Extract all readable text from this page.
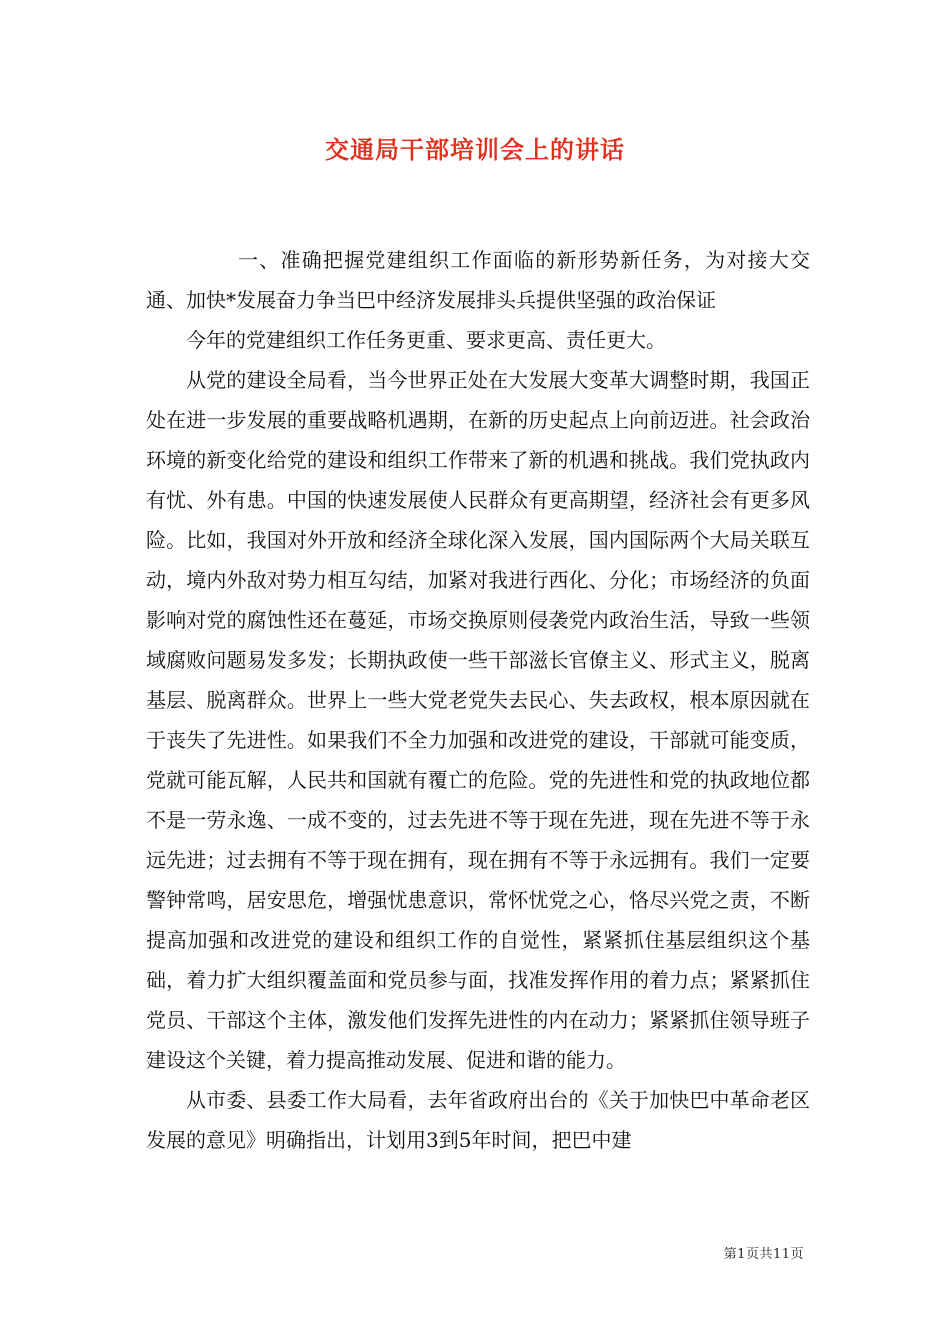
交通局干部培训会上的讲话

一、准确把握党建组织工作面临的新形势新任务，为对接大交通、加快*发展奋力争当巴中经济发展排头兵提供坚强的政治保证

今年的党建组织工作任务更重、要求更高、责任更大。

从党的建设全局看，当今世界正处在大发展大变革大调整时期，我国正处在进一步发展的重要战略机遇期，在新的历史起点上向前迈进。社会政治环境的新变化给党的建设和组织工作带来了新的机遇和挑战。我们党执政内有忧、外有患。中国的快速发展使人民群众有更高期望，经济社会有更多风险。比如，我国对外开放和经济全球化深入发展，国内国际两个大局关联互动，境内外敌对势力相互勾结，加紧对我进行西化、分化；市场经济的负面影响对党的腐蚀性还在蔓延，市场交换原则侵袭党内政治生活，导致一些领域腐败问题易发多发；长期执政使一些干部滋长官僚主义、形式主义，脱离基层、脱离群众。世界上一些大党老党失去民心、失去政权，根本原因就在于丧失了先进性。如果我们不全力加强和改进党的建设，干部就可能变质，党就可能瓦解，人民共和国就有覆亡的危险。党的先进性和党的执政地位都不是一劳永逸、一成不变的，过去先进不等于现在先进，现在先进不等于永远先进；过去拥有不等于现在拥有，现在拥有不等于永远拥有。我们一定要警钟常鸣，居安思危，增强忧患意识，常怀忧党之心，恪尽兴党之责，不断提高加强和改进党的建设和组织工作的自觉性，紧紧抓住基层组织这个基础，着力扩大组织覆盖面和党员参与面，找准发挥作用的着力点；紧紧抓住党员、干部这个主体，激发他们发挥先进性的内在动力；紧紧抓住领导班子建设这个关键，着力提高推动发展、促进和谐的能力。

从市委、县委工作大局看，去年省政府出台的《关于加快巴中革命老区发展的意见》明确指出，计划用3到5年时间，把巴中建

第1页共11页
